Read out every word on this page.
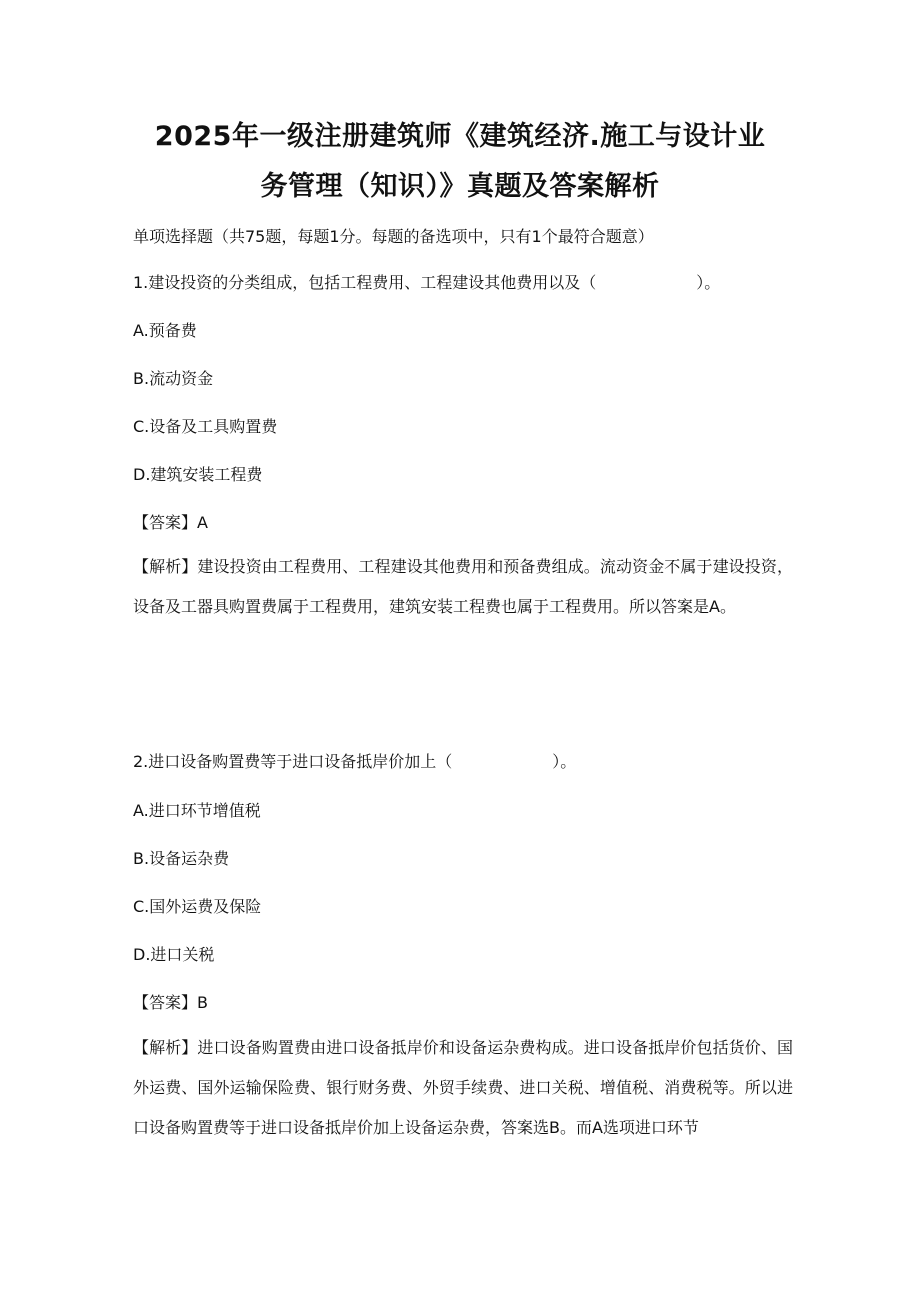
2025年一级注册建筑师《建筑经济.施工与设计业
务管理（知识）》真题及答案解析

单项选择题（共75题，每题1分。每题的备选项中，只有1个最符合题意）

1.建设投资的分类组成，包括工程费用、工程建设其他费用以及（	）。

A.预备费

B.流动资金

C.设备及工具购置费

D.建筑安装工程费

【答案】A

【解析】建设投资由工程费用、工程建设其他费用和预备费组成。流动资金不属于建设投资，设备及工器具购置费属于工程费用，建筑安装工程费也属于工程费用。所以答案是A。

2.进口设备购置费等于进口设备抵岸价加上（	）。

A.进口环节增值税

B.设备运杂费

C.国外运费及保险

D.进口关税

【答案】B

【解析】进口设备购置费由进口设备抵岸价和设备运杂费构成。进口设备抵岸价包括货价、国外运费、国外运输保险费、银行财务费、外贸手续费、进口关税、增值税、消费税等。所以进口设备购置费等于进口设备抵岸价加上设备运杂费，答案选B。而A选项进口环节
